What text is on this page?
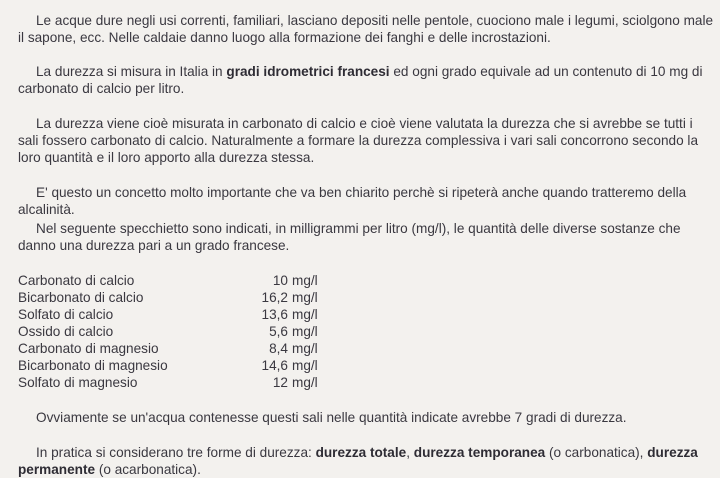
Le acque dure negli usi correnti, familiari, lasciano depositi nelle pentole, cuociono male i legumi, sciolgono male il sapone, ecc. Nelle caldaie danno luogo alla formazione dei fanghi e delle incrostazioni.

La durezza si misura in Italia in gradi idrometrici francesi ed ogni grado equivale ad un contenuto di 10 mg di carbonato di calcio per litro.

La durezza viene cioè misurata in carbonato di calcio e cioè viene valutata la durezza che si avrebbe se tutti i sali fossero carbonato di calcio. Naturalmente a formare la durezza complessiva i vari sali concorrono secondo la loro quantità e il loro apporto alla durezza stessa.

E' questo un concetto molto importante che va ben chiarito perchè si ripeterà anche quando tratteremo della alcalinità.

Nel seguente specchietto sono indicati, in milligrammi per litro (mg/l), le quantità delle diverse sostanze che danno una durezza pari a un grado francese.

Carbonato di calcio	10 mg/l
Bicarbonato di calcio	16,2 mg/l
Solfato di calcio	13,6 mg/l
Ossido di calcio	5,6 mg/l
Carbonato di magnesio	8,4 mg/l
Bicarbonato di magnesio	14,6 mg/l
Solfato di magnesio	12 mg/l

Ovviamente se un'acqua contenesse questi sali nelle quantità indicate avrebbe 7 gradi di durezza.

In pratica si considerano tre forme di durezza: durezza totale, durezza temporanea (o carbonatica), durezza permanente (o acarbonatica).
